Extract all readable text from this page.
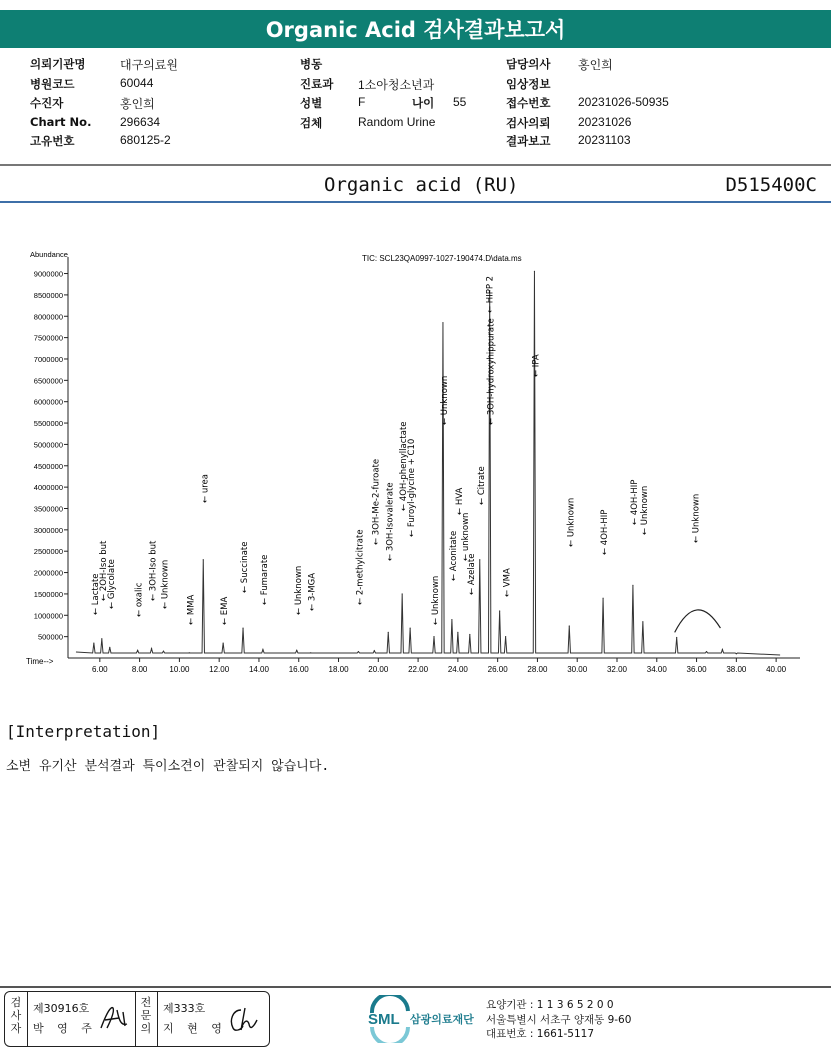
Organic Acid 검사결과보고서
의뢰기관명	대구의료원
병원코드	60044
수진자	홍인희
Chart No. 296634
고유번호	680125-2
병동
진료과 1소아청소년과
성별	F	나이 55
검체	Random Urine
담당의사 홍인희
임상정보
접수번호 20231026-50935
검사의뢰 20231026
결과보고 20231103
Organic acid (RU)	D515400C
500000
1000000
1500000
2000000
2500000
3000000
3500000
4000000
4500000
5000000
5500000
6000000
6500000
7000000
7500000
8000000
8500000
9000000
6.00	8.00	10.00 12.00 14.00 16.00 18.00 20.00 22.00 24.00 26.00 28.00 30.00 32.00 34.00 36.00 38.00 40.00
Abundance
Time-->
TIC: SCL23QA0997-1027-190474.D\data.ms
← Lactate
← 2OH-Iso but
← Glycolate ← oxalic ← 3OH-Iso but ← Unknown
← MMA
← urea
← EMA
← Succinate ← Fumarate	← Unknown ← 3-MGA	← 2-methylcitrate
← 3OH-Me-2-furoate ← 3OH-Isovalerate
← 4OH-phenyllactate
← Furoyl-glycine + C10
← Unknown
← Unknown
← Aconitate
← HVA
← unknown
← Azelate
← Citrate
← 3OH-hydroxyhippurate
← HIPP 2
← VMA
← IPA
← Unknown	← 4OH-HIP
← 4OH-HIP ← Unknown	← Unknown
[Interpretation]
소변 유기산 분석결과 특이소견이 관찰되지 않습니다.
검사자
제30916호
박 영 주
전문의
제333호
지 현 영
SML 삼광의료재단
요양기관 : 1 1 3 6 5 2 0 0
서울특별시 서초구 양재동 9-60
대표번호 : 1661-5117
